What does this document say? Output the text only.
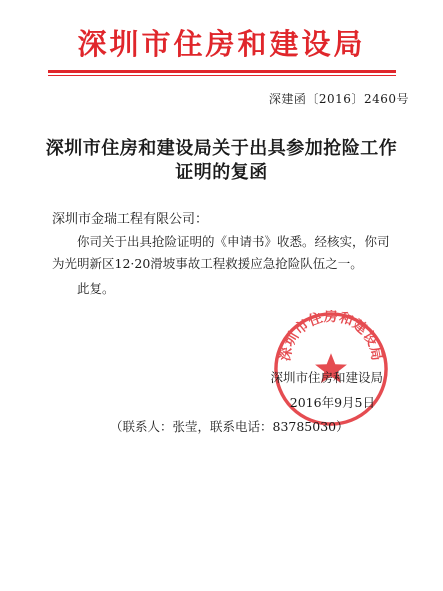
深圳市住房和建设局
深建函〔2016〕2460号
深圳市住房和建设局关于出具参加抢险工作
证明的复函
深圳市金瑞工程有限公司：
你司关于出具抢险证明的《申请书》收悉。经核实，你司为光明新区12·20滑坡事故工程救援应急抢险队伍之一。
此复。
深圳市住房和建设局
深圳市住房和建设局
2016年9月5日
（联系人：张莹，联系电话：83785030）
